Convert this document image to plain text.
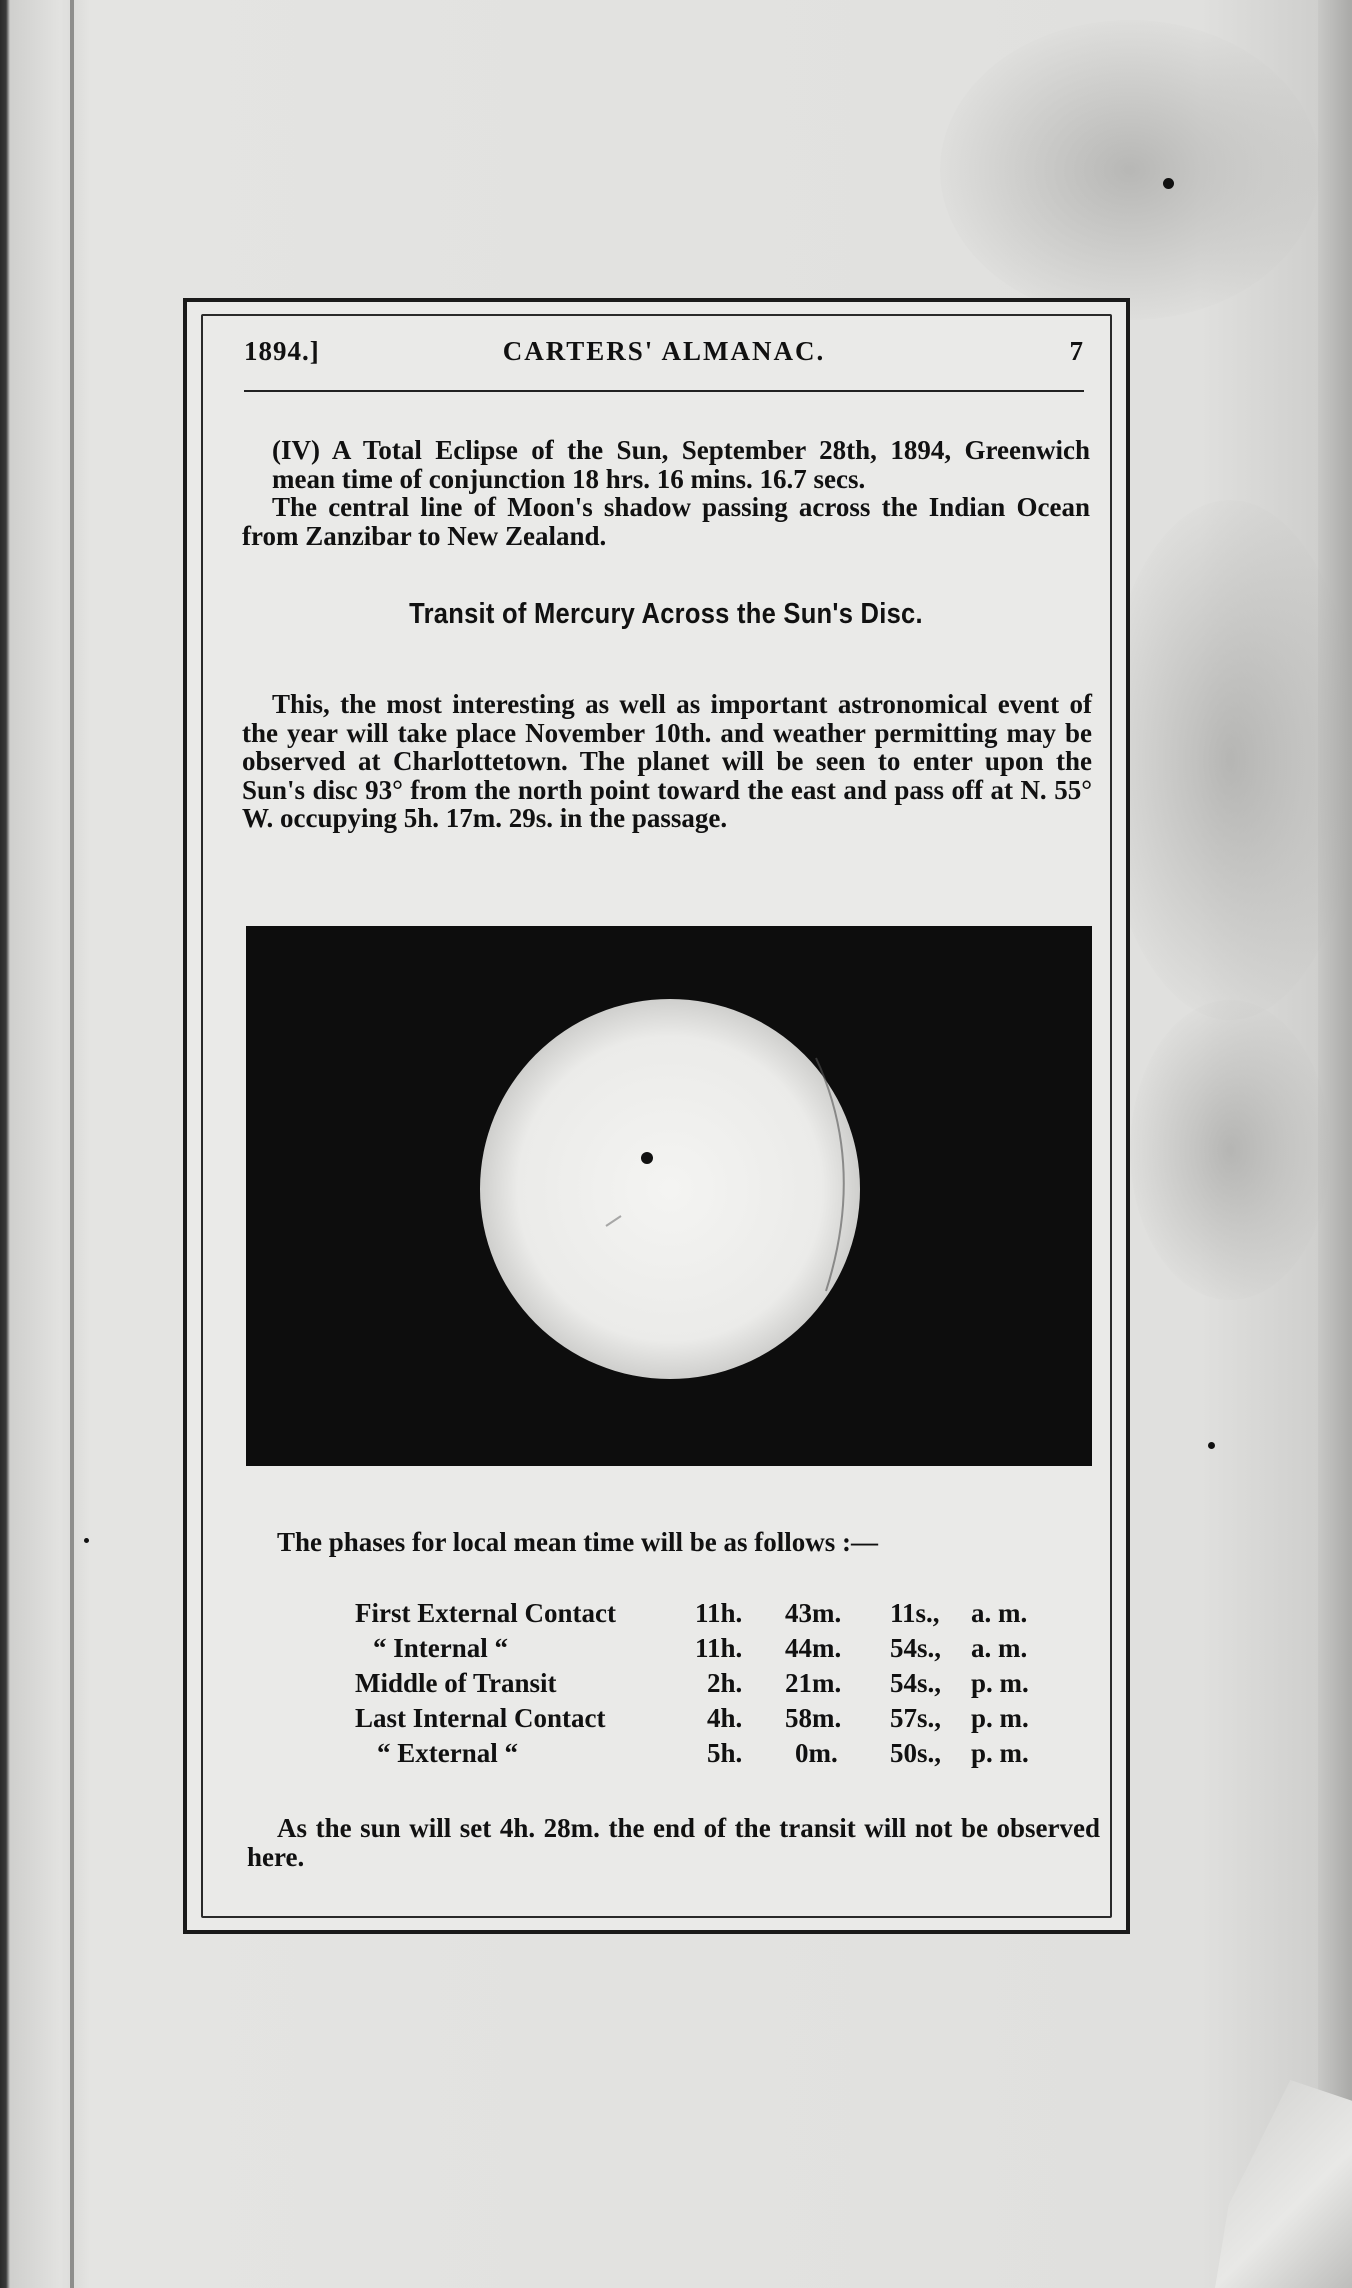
1894.]	CARTERS' ALMANAC.	7
(IV) A Total Eclipse of the Sun, September 28th, 1894, Greenwich mean time of conjunction 18 hrs. 16 mins. 16.7 secs.
The central line of Moon's shadow passing across the Indian Ocean from Zanzibar to New Zealand.
Transit of Mercury Across the Sun's Disc.
This, the most interesting as well as important astronomical event of the year will take place November 10th. and weather permitting may be observed at Charlottetown. The planet will be seen to enter upon the Sun's disc 93° from the north point toward the east and pass off at N. 55° W. occupying 5h. 17m. 29s. in the passage.
The phases for local mean time will be as follows :—
First External Contact	11h. 43m. 11s., a. m.
“ Internal “	11h. 44m. 54s., a. m.
Middle of Transit	2h. 21m. 54s., p. m.
Last Internal Contact	4h. 58m. 57s., p. m.
“ External “	5h. 0m. 50s., p. m.
As the sun will set 4h. 28m. the end of the transit will not be observed here.
